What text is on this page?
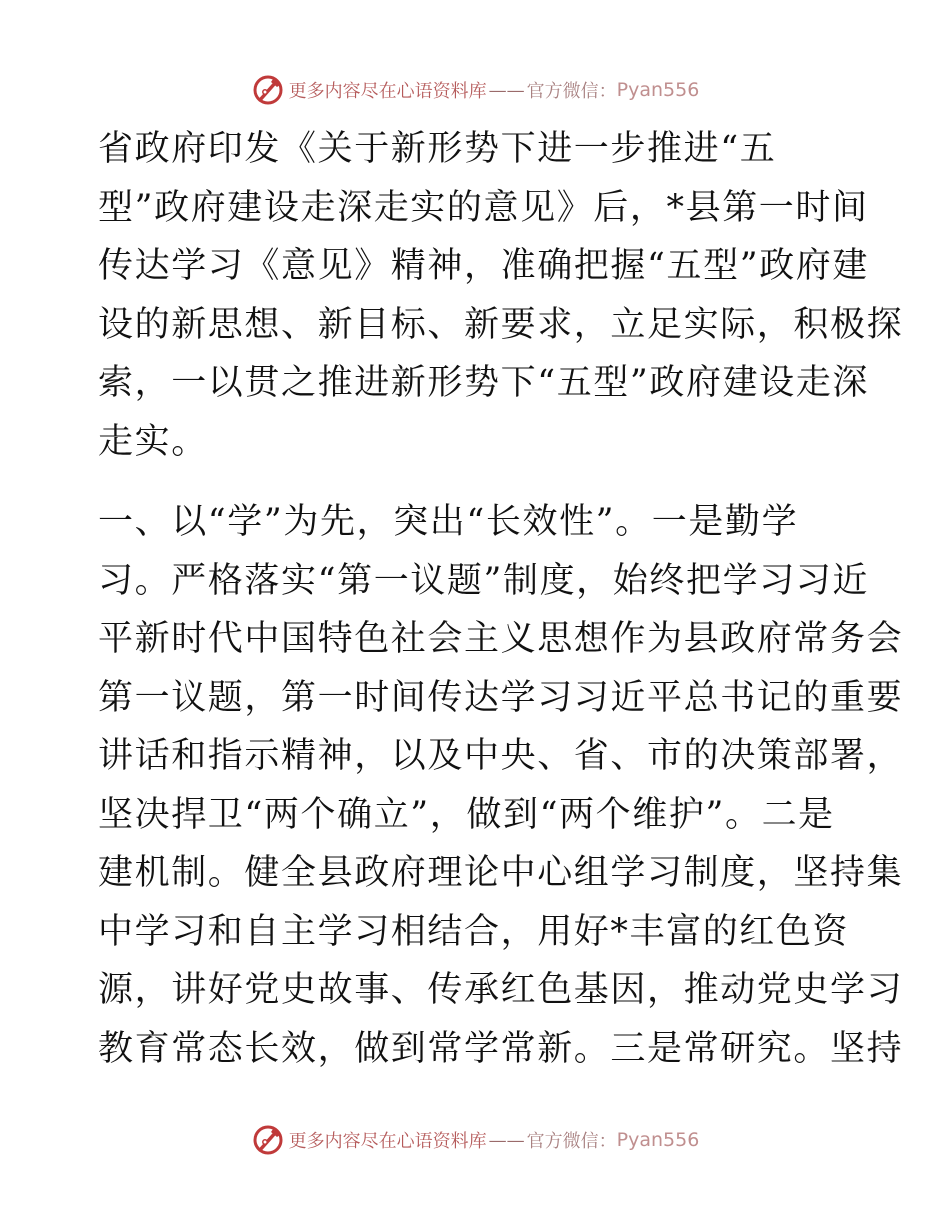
更多内容尽在心语资料库 —— 官方微信： Pyan556
省政府印发《关于新形势下进一步推进“五
型”政府建设走深走实的意见》后，*县第一时间
传达学习《意见》精神，准确把握“五型”政府建
设的新思想、新目标、新要求，立足实际，积极探
索，一以贯之推进新形势下“五型”政府建设走深
走实。
一、以“学”为先，突出“长效性”。一是勤学
习。严格落实“第一议题”制度，始终把学习习近
平新时代中国特色社会主义思想作为县政府常务会
第一议题，第一时间传达学习习近平总书记的重要
讲话和指示精神，以及中央、省、市的决策部署，
坚决捍卫“两个确立”，做到“两个维护”。二是
建机制。健全县政府理论中心组学习制度，坚持集
中学习和自主学习相结合，用好*丰富的红色资
源，讲好党史故事、传承红色基因，推动党史学习
教育常态长效，做到常学常新。三是常研究。坚持
更多内容尽在心语资料库 —— 官方微信： Pyan556
